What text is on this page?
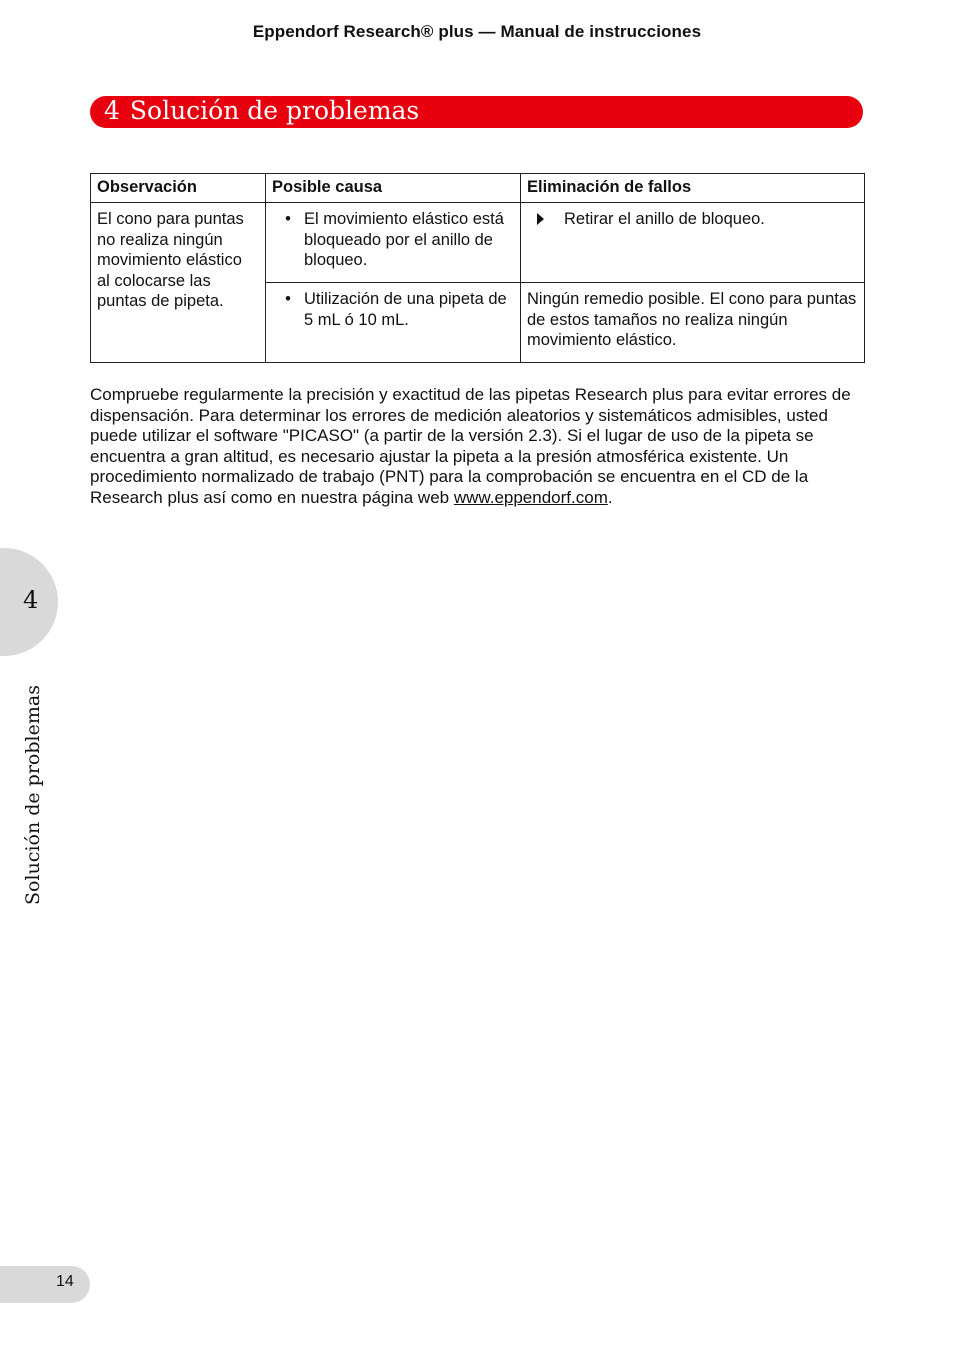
Eppendorf Research® plus — Manual de instrucciones
4 Solución de problemas
Observación	Posible causa	Eliminación de fallos
El cono para puntas no realiza ningún movimiento elástico al colocarse las puntas de pipeta.	• El movimiento elástico está bloqueado por el anillo de bloqueo.	Retirar el anillo de bloqueo.

	• Utilización de una pipeta de 5 mL ó 10 mL.	Ningún remedio posible. El cono para puntas de estos tamaños no realiza ningún movimiento elástico.

Compruebe regularmente la precisión y exactitud de las pipetas Research plus para evitar errores de dispensación. Para determinar los errores de medición aleatorios y sistemáticos admisibles, usted puede utilizar el software "PICASO" (a partir de la versión 2.3). Si el lugar de uso de la pipeta se encuentra a gran altitud, es necesario ajustar la pipeta a la presión atmosférica existente. Un procedimiento normalizado de trabajo (PNT) para la comprobación se encuentra en el CD de la Research plus así como en nuestra página web www.eppendorf.com.

4
Solución de problemas
14
